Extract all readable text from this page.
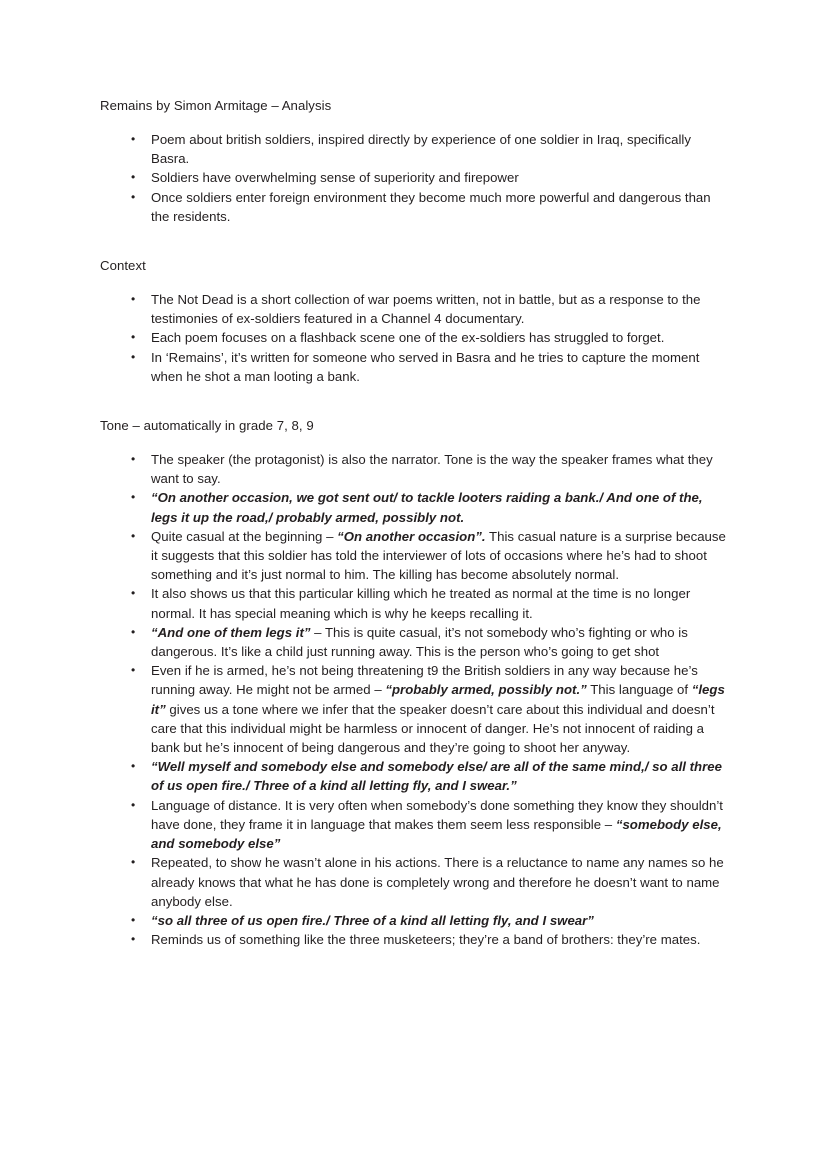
Remains by Simon Armitage – Analysis

• Poem about british soldiers, inspired directly by experience of one soldier in Iraq, specifically Basra.
• Soldiers have overwhelming sense of superiority and firepower
• Once soldiers enter foreign environment they become much more powerful and dangerous than the residents.

Context

• The Not Dead is a short collection of war poems written, not in battle, but as a response to the testimonies of ex-soldiers featured in a Channel 4 documentary.
• Each poem focuses on a flashback scene one of the ex-soldiers has struggled to forget.
• In ‘Remains’, it’s written for someone who served in Basra and he tries to capture the moment when he shot a man looting a bank.

Tone – automatically in grade 7, 8, 9

• The speaker (the protagonist) is also the narrator. Tone is the way the speaker frames what they want to say.
• “On another occasion, we got sent out/ to tackle looters raiding a bank./ And one of the, legs it up the road,/ probably armed, possibly not.
• Quite casual at the beginning – “On another occasion”. This casual nature is a surprise because it suggests that this soldier has told the interviewer of lots of occasions where he’s had to shoot something and it’s just normal to him. The killing has become absolutely normal.
• It also shows us that this particular killing which he treated as normal at the time is no longer normal. It has special meaning which is why he keeps recalling it.
• “And one of them legs it” – This is quite casual, it’s not somebody who’s fighting or who is dangerous. It’s like a child just running away. This is the person who’s going to get shot
• Even if he is armed, he’s not being threatening t9 the British soldiers in any way because he’s running away. He might not be armed – “probably armed, possibly not.” This language of “legs it” gives us a tone where we infer that the speaker doesn’t care about this individual and doesn’t care that this individual might be harmless or innocent of danger. He’s not innocent of raiding a bank but he’s innocent of being dangerous and they’re going to shoot her anyway.
• “Well myself and somebody else and somebody else/ are all of the same mind,/ so all three of us open fire./ Three of a kind all letting fly, and I swear.”
• Language of distance. It is very often when somebody’s done something they know they shouldn’t have done, they frame it in language that makes them seem less responsible – “somebody else, and somebody else”
• Repeated, to show he wasn’t alone in his actions. There is a reluctance to name any names so he already knows that what he has done is completely wrong and therefore he doesn’t want to name anybody else.
• “so all three of us open fire./ Three of a kind all letting fly, and I swear”
• Reminds us of something like the three musketeers; they’re a band of brothers: they’re mates.
